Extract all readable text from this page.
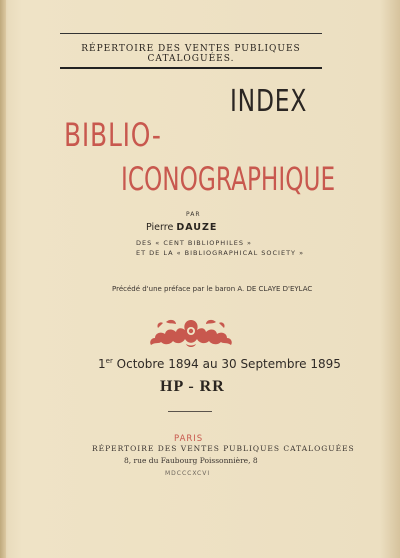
RÉPERTOIRE DES VENTES PUBLIQUES CATALOGUÉES.
INDEX
BIBLIO-
ICONOGRAPHIQUE
PAR
Pierre DAUZE
DES « CENT BIBLIOPHILES »
ET DE LA « BIBLIOGRAPHICAL SOCIETY »
Précédé d'une préface par le baron A. DE CLAYE D'EYLAC
1er Octobre 1894 au 30 Septembre 1895
HP - RR
PARIS
RÉPERTOIRE DES VENTES PUBLIQUES CATALOGUÉES
8, rue du Faubourg Poissonnière, 8
MDCCCXCVI
